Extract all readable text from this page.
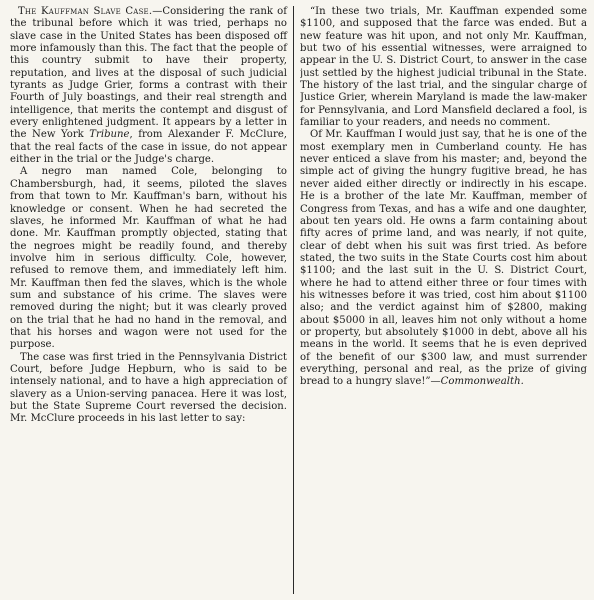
The Kauffman Slave Case.—Considering the rank of the tribunal before which it was tried, perhaps no slave case in the United States has been disposed off more infamously than this. The fact that the people of this country submit to have their property, reputation, and lives at the disposal of such judicial tyrants as Judge Grier, forms a contrast with their Fourth of July boastings, and their real strength and intelligence, that merits the contempt and disgust of every enlightened judgment. It appears by a letter in the New York Tribune, from Alexander F. McClure, that the real facts of the case in issue, do not appear either in the trial or the Judge's charge.

A negro man named Cole, belonging to Chambersburgh, had, it seems, piloted the slaves from that town to Mr. Kauffman's barn, without his knowledge or consent. When he had secreted the slaves, he informed Mr. Kauffman of what he had done. Mr. Kauffman promptly objected, stating that the negroes might be readily found, and thereby involve him in serious difficulty. Cole, however, refused to remove them, and immediately left him. Mr. Kauffman then fed the slaves, which is the whole sum and substance of his crime. The slaves were removed during the night; but it was clearly proved on the trial that he had no hand in the removal, and that his horses and wagon were not used for the purpose.

The case was first tried in the Pennsylvania District Court, before Judge Hepburn, who is said to be intensely national, and to have a high appreciation of slavery as a Union-serving panacea. Here it was lost, but the State Supreme Court reversed the decision. Mr. McClure proceeds in his last letter to say:

“In these two trials, Mr. Kauffman expended some $1100, and supposed that the farce was ended. But a new feature was hit upon, and not only Mr. Kauffman, but two of his essential witnesses, were arraigned to appear in the U. S. District Court, to answer in the case just settled by the highest judicial tribunal in the State. The history of the last trial, and the singular charge of Justice Grier, wherein Maryland is made the law-maker for Pennsylvania, and Lord Mansfield declared a fool, is familiar to your readers, and needs no comment.

Of Mr. Kauffman I would just say, that he is one of the most exemplary men in Cumberland county. He has never enticed a slave from his master; and, beyond the simple act of giving the hungry fugitive bread, he has never aided either directly or indirectly in his escape. He is a brother of the late Mr. Kauffman, member of Congress from Texas, and has a wife and one daughter, about ten years old. He owns a farm containing about fifty acres of prime land, and was nearly, if not quite, clear of debt when his suit was first tried. As before stated, the two suits in the State Courts cost him about $1100; and the last suit in the U. S. District Court, where he had to attend either three or four times with his witnesses before it was tried, cost him about $1100 also; and the verdict against him of $2800, making about $5000 in all, leaves him not only without a home or property, but absolutely $1000 in debt, above all his means in the world. It seems that he is even deprived of the benefit of our $300 law, and must surrender everything, personal and real, as the prize of giving bread to a hungry slave!”—Commonwealth.
